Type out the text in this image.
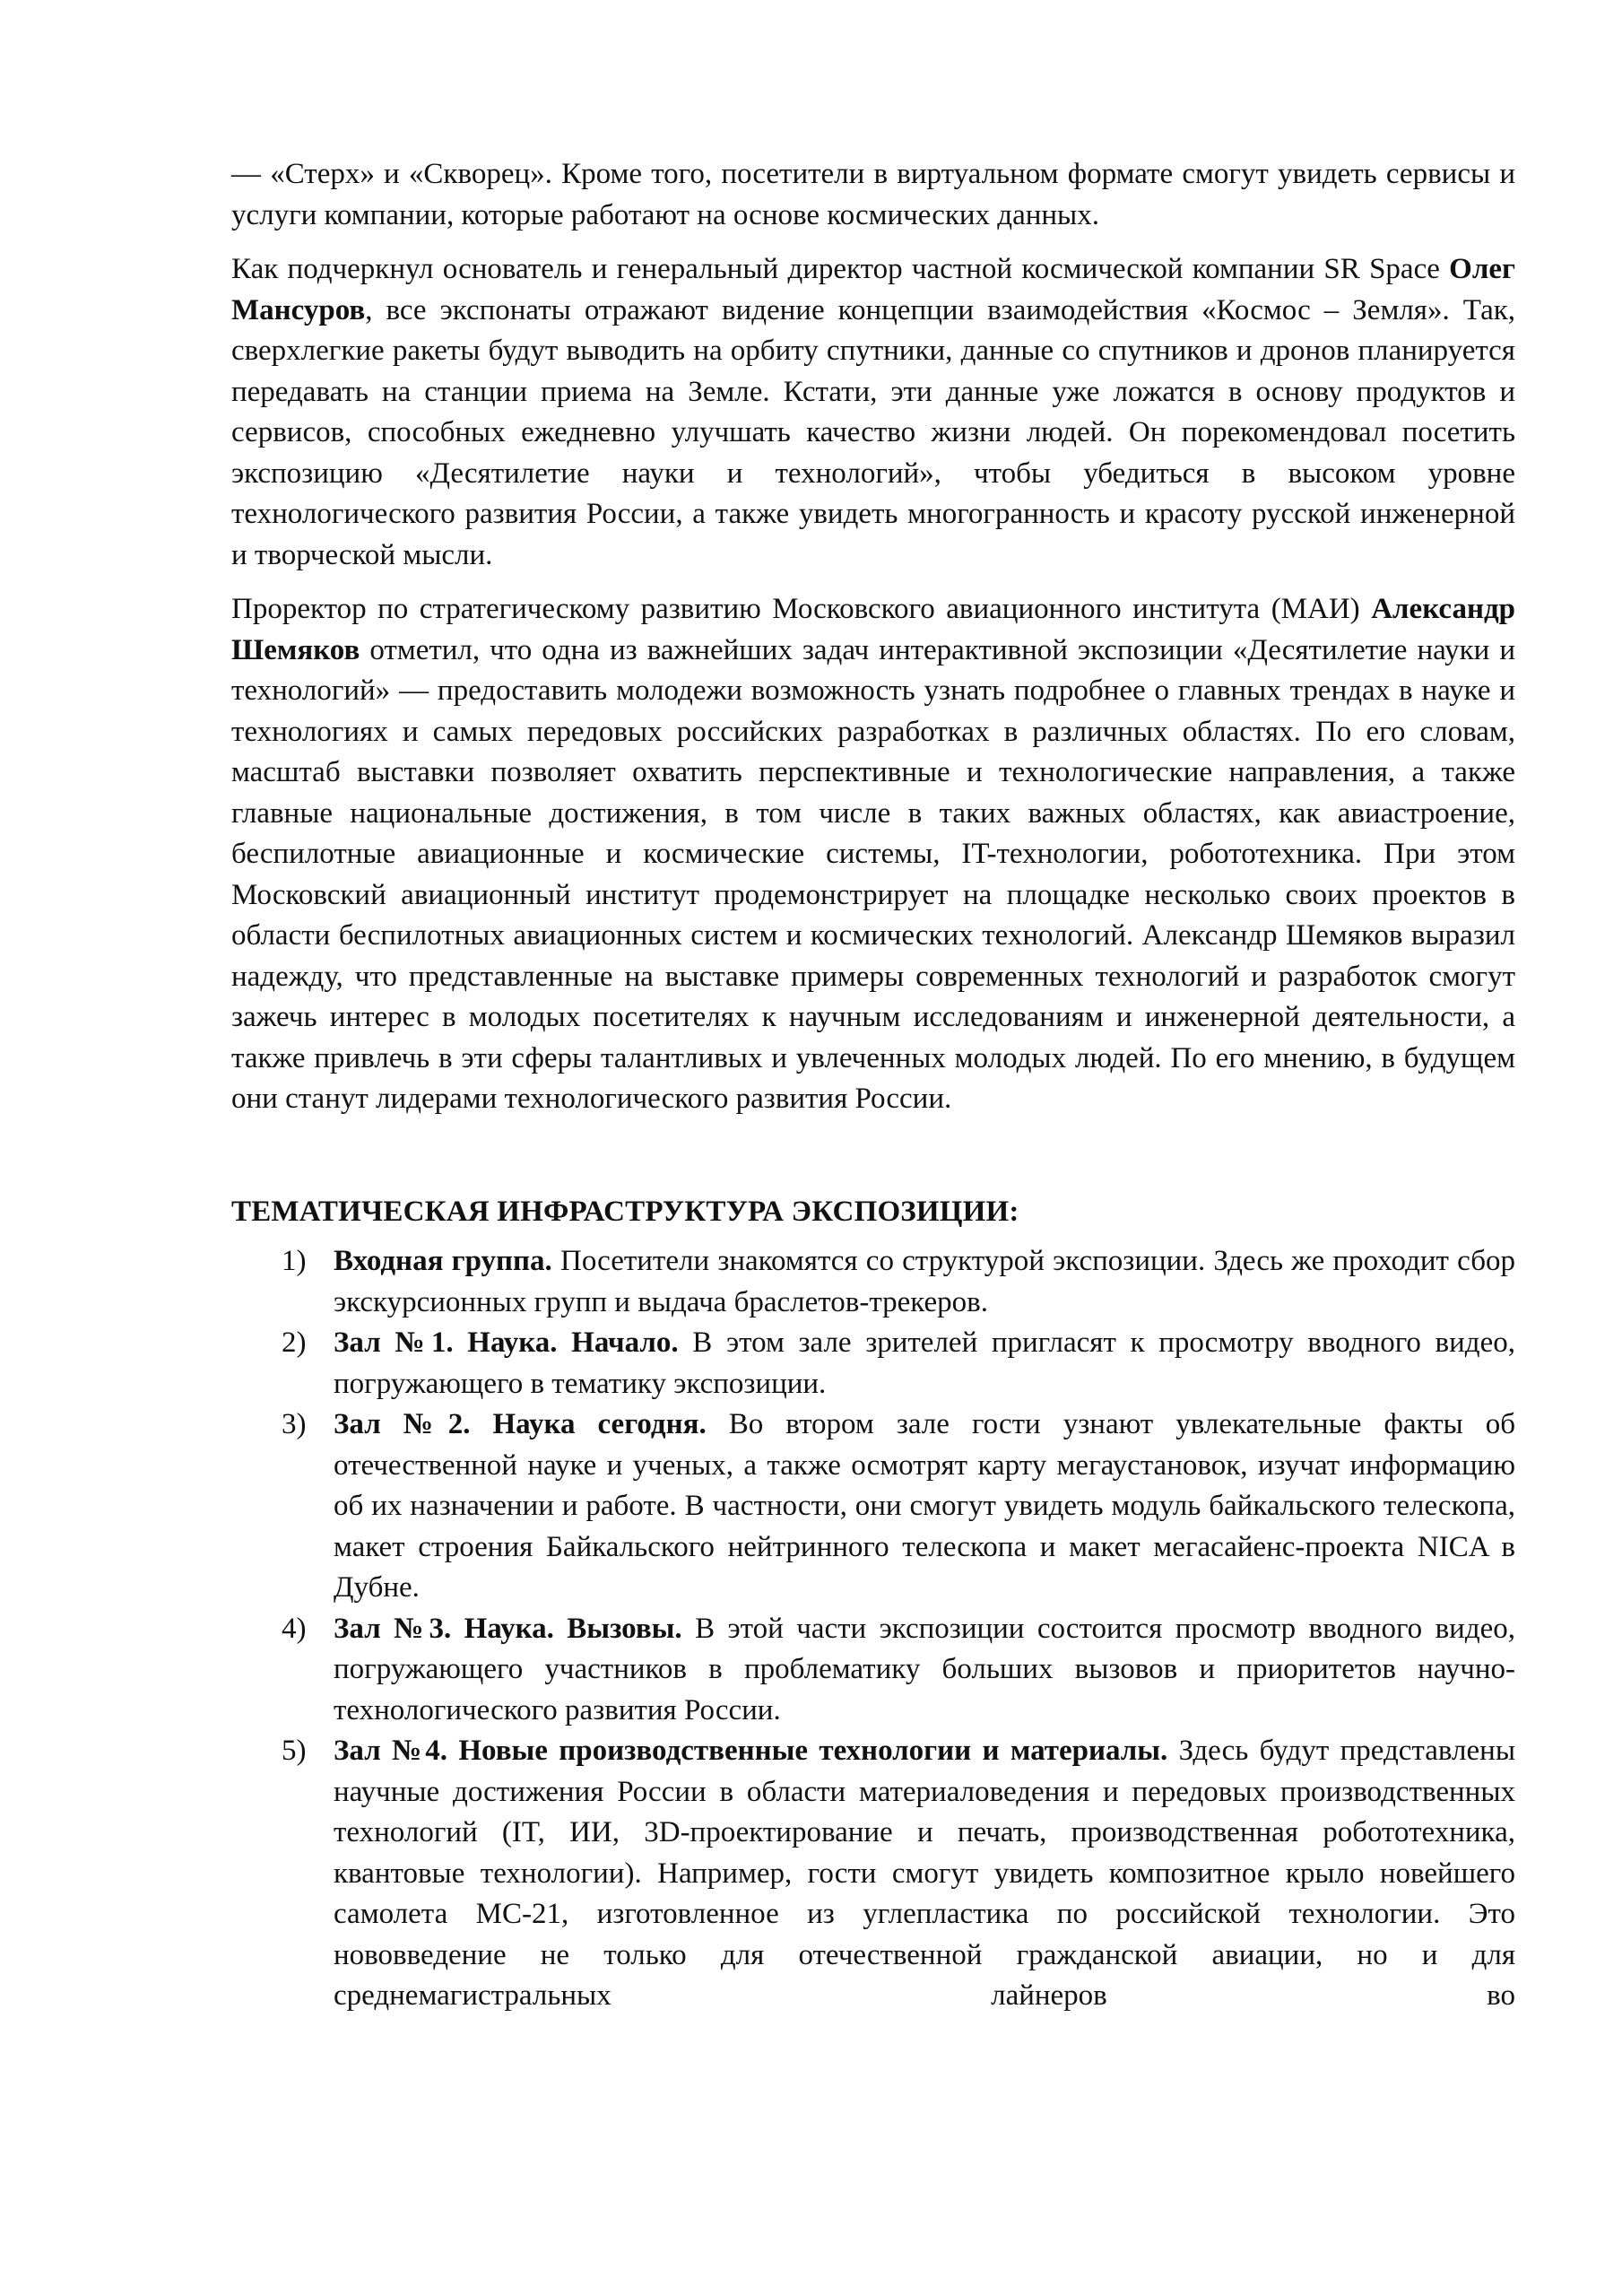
— «Стерх» и «Скворец». Кроме того, посетители в виртуальном формате смогут увидеть сервисы и услуги компании, которые работают на основе космических данных.

Как подчеркнул основатель и генеральный директор частной космической компании SR Space Олег Мансуров, все экспонаты отражают видение концепции взаимодействия «Космос – Земля». Так, сверхлегкие ракеты будут выводить на орбиту спутники, данные со спутников и дронов планируется передавать на станции приема на Земле. Кстати, эти данные уже ложатся в основу продуктов и сервисов, способных ежедневно улучшать качество жизни людей. Он порекомендовал посетить экспозицию «Десятилетие науки и технологий», чтобы убедиться в высоком уровне технологического развития России, а также увидеть многогранность и красоту русской инженерной и творческой мысли.

Проректор по стратегическому развитию Московского авиационного института (МАИ) Александр Шемяков отметил, что одна из важнейших задач интерактивной экспозиции «Десятилетие науки и технологий» — предоставить молодежи возможность узнать подробнее о главных трендах в науке и технологиях и самых передовых российских разработках в различных областях. По его словам, масштаб выставки позволяет охватить перспективные и технологические направления, а также главные национальные достижения, в том числе в таких важных областях, как авиастроение, беспилотные авиационные и космические системы, IT-технологии, робототехника. При этом Московский авиационный институт продемонстрирует на площадке несколько своих проектов в области беспилотных авиационных систем и космических технологий. Александр Шемяков выразил надежду, что представленные на выставке примеры современных технологий и разработок смогут зажечь интерес в молодых посетителях к научным исследованиям и инженерной деятельности, а также привлечь в эти сферы талантливых и увлеченных молодых людей. По его мнению, в будущем они станут лидерами технологического развития России.

ТЕМАТИЧЕСКАЯ ИНФРАСТРУКТУРА ЭКСПОЗИЦИИ:
1) Входная группа. Посетители знакомятся со структурой экспозиции. Здесь же проходит сбор экскурсионных групп и выдача браслетов-трекеров.
2) Зал №1. Наука. Начало. В этом зале зрителей пригласят к просмотру вводного видео, погружающего в тематику экспозиции.
3) Зал №2. Наука сегодня. Во втором зале гости узнают увлекательные факты об отечественной науке и ученых, а также осмотрят карту мегаустановок, изучат информацию об их назначении и работе. В частности, они смогут увидеть модуль байкальского телескопа, макет строения Байкальского нейтринного телескопа и макет мегасайенс-проекта NICA в Дубне.
4) Зал №3. Наука. Вызовы. В этой части экспозиции состоится просмотр вводного видео, погружающего участников в проблематику больших вызовов и приоритетов научно-технологического развития России.
5) Зал №4. Новые производственные технологии и материалы. Здесь будут представлены научные достижения России в области материаловедения и передовых производственных технологий (IT, ИИ, 3D-проектирование и печать, производственная робототехника, квантовые технологии). Например, гости смогут увидеть композитное крыло новейшего самолета МС-21, изготовленное из углепластика по российской технологии. Это нововведение не только для отечественной гражданской авиации, но и для среднемагистральных лайнеров во
